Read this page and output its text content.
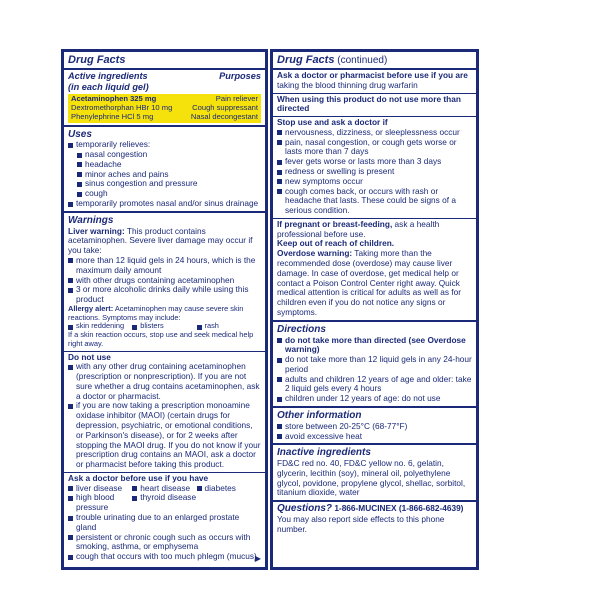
Drug Facts
Active ingredients	Purposes
(in each liquid gel)
Acetaminophen 325 mg	Pain reliever
Dextromethorphan HBr 10 mg	Cough suppressant
Phenylephrine HCl 5 mg	Nasal decongestant
Uses
temporarily relieves:
nasal congestion
headache
minor aches and pains
sinus congestion and pressure
cough
temporarily promotes nasal and/or sinus drainage
Warnings
Liver warning: This product contains acetaminophen. Severe liver damage may occur if you take:
more than 12 liquid gels in 24 hours, which is the maximum daily amount
with other drugs containing acetaminophen
3 or more alcoholic drinks daily while using this product
Allergy alert: Acetaminophen may cause severe skin reactions. Symptoms may include:
skin reddening	blisters	rash
If a skin reaction occurs, stop use and seek medical help right away.
Do not use
with any other drug containing acetaminophen (prescription or nonprescription). If you are not sure whether a drug contains acetaminophen, ask a doctor or pharmacist.
if you are now taking a prescription monoamine oxidase inhibitor (MAOI) (certain drugs for depression, psychiatric, or emotional conditions, or Parkinson's disease), or for 2 weeks after stopping the MAOI drug. If you do not know if your prescription drug contains an MAOI, ask a doctor or pharmacist before taking this product.
Ask a doctor before use if you have
liver disease	heart disease	diabetes
high blood pressure
thyroid disease
trouble urinating due to an enlarged prostate gland
persistent or chronic cough such as occurs with smoking, asthma, or emphysema
cough that occurs with too much phlegm (mucus)
▶
Drug Facts (continued)
Ask a doctor or pharmacist before use if you are
taking the blood thinning drug warfarin
When using this product do not use more than directed
Stop use and ask a doctor if
nervousness, dizziness, or sleeplessness occur
pain, nasal congestion, or cough gets worse or lasts more than 7 days
fever gets worse or lasts more than 3 days
redness or swelling is present
new symptoms occur
cough comes back, or occurs with rash or headache that lasts. These could be signs of a serious condition.
If pregnant or breast-feeding, ask a health professional before use.
Keep out of reach of children.
Overdose warning: Taking more than the recommended dose (overdose) may cause liver damage. In case of overdose, get medical help or contact a Poison Control Center right away. Quick medical attention is critical for adults as well as for children even if you do not notice any signs or symptoms.
Directions
do not take more than directed (see Overdose warning)
do not take more than 12 liquid gels in any 24-hour period
adults and children 12 years of age and older: take 2 liquid gels every 4 hours
children under 12 years of age: do not use
Other information
store between 20-25°C (68-77°F)
avoid excessive heat
Inactive ingredients
FD&C red no. 40, FD&C yellow no. 6, gelatin, glycerin, lecithin (soy), mineral oil, polyethylene glycol, povidone, propylene glycol, shellac, sorbitol, titanium dioxide, water
Questions? 1-866-MUCINEX (1-866-682-4639)
You may also report side effects to this phone number.
